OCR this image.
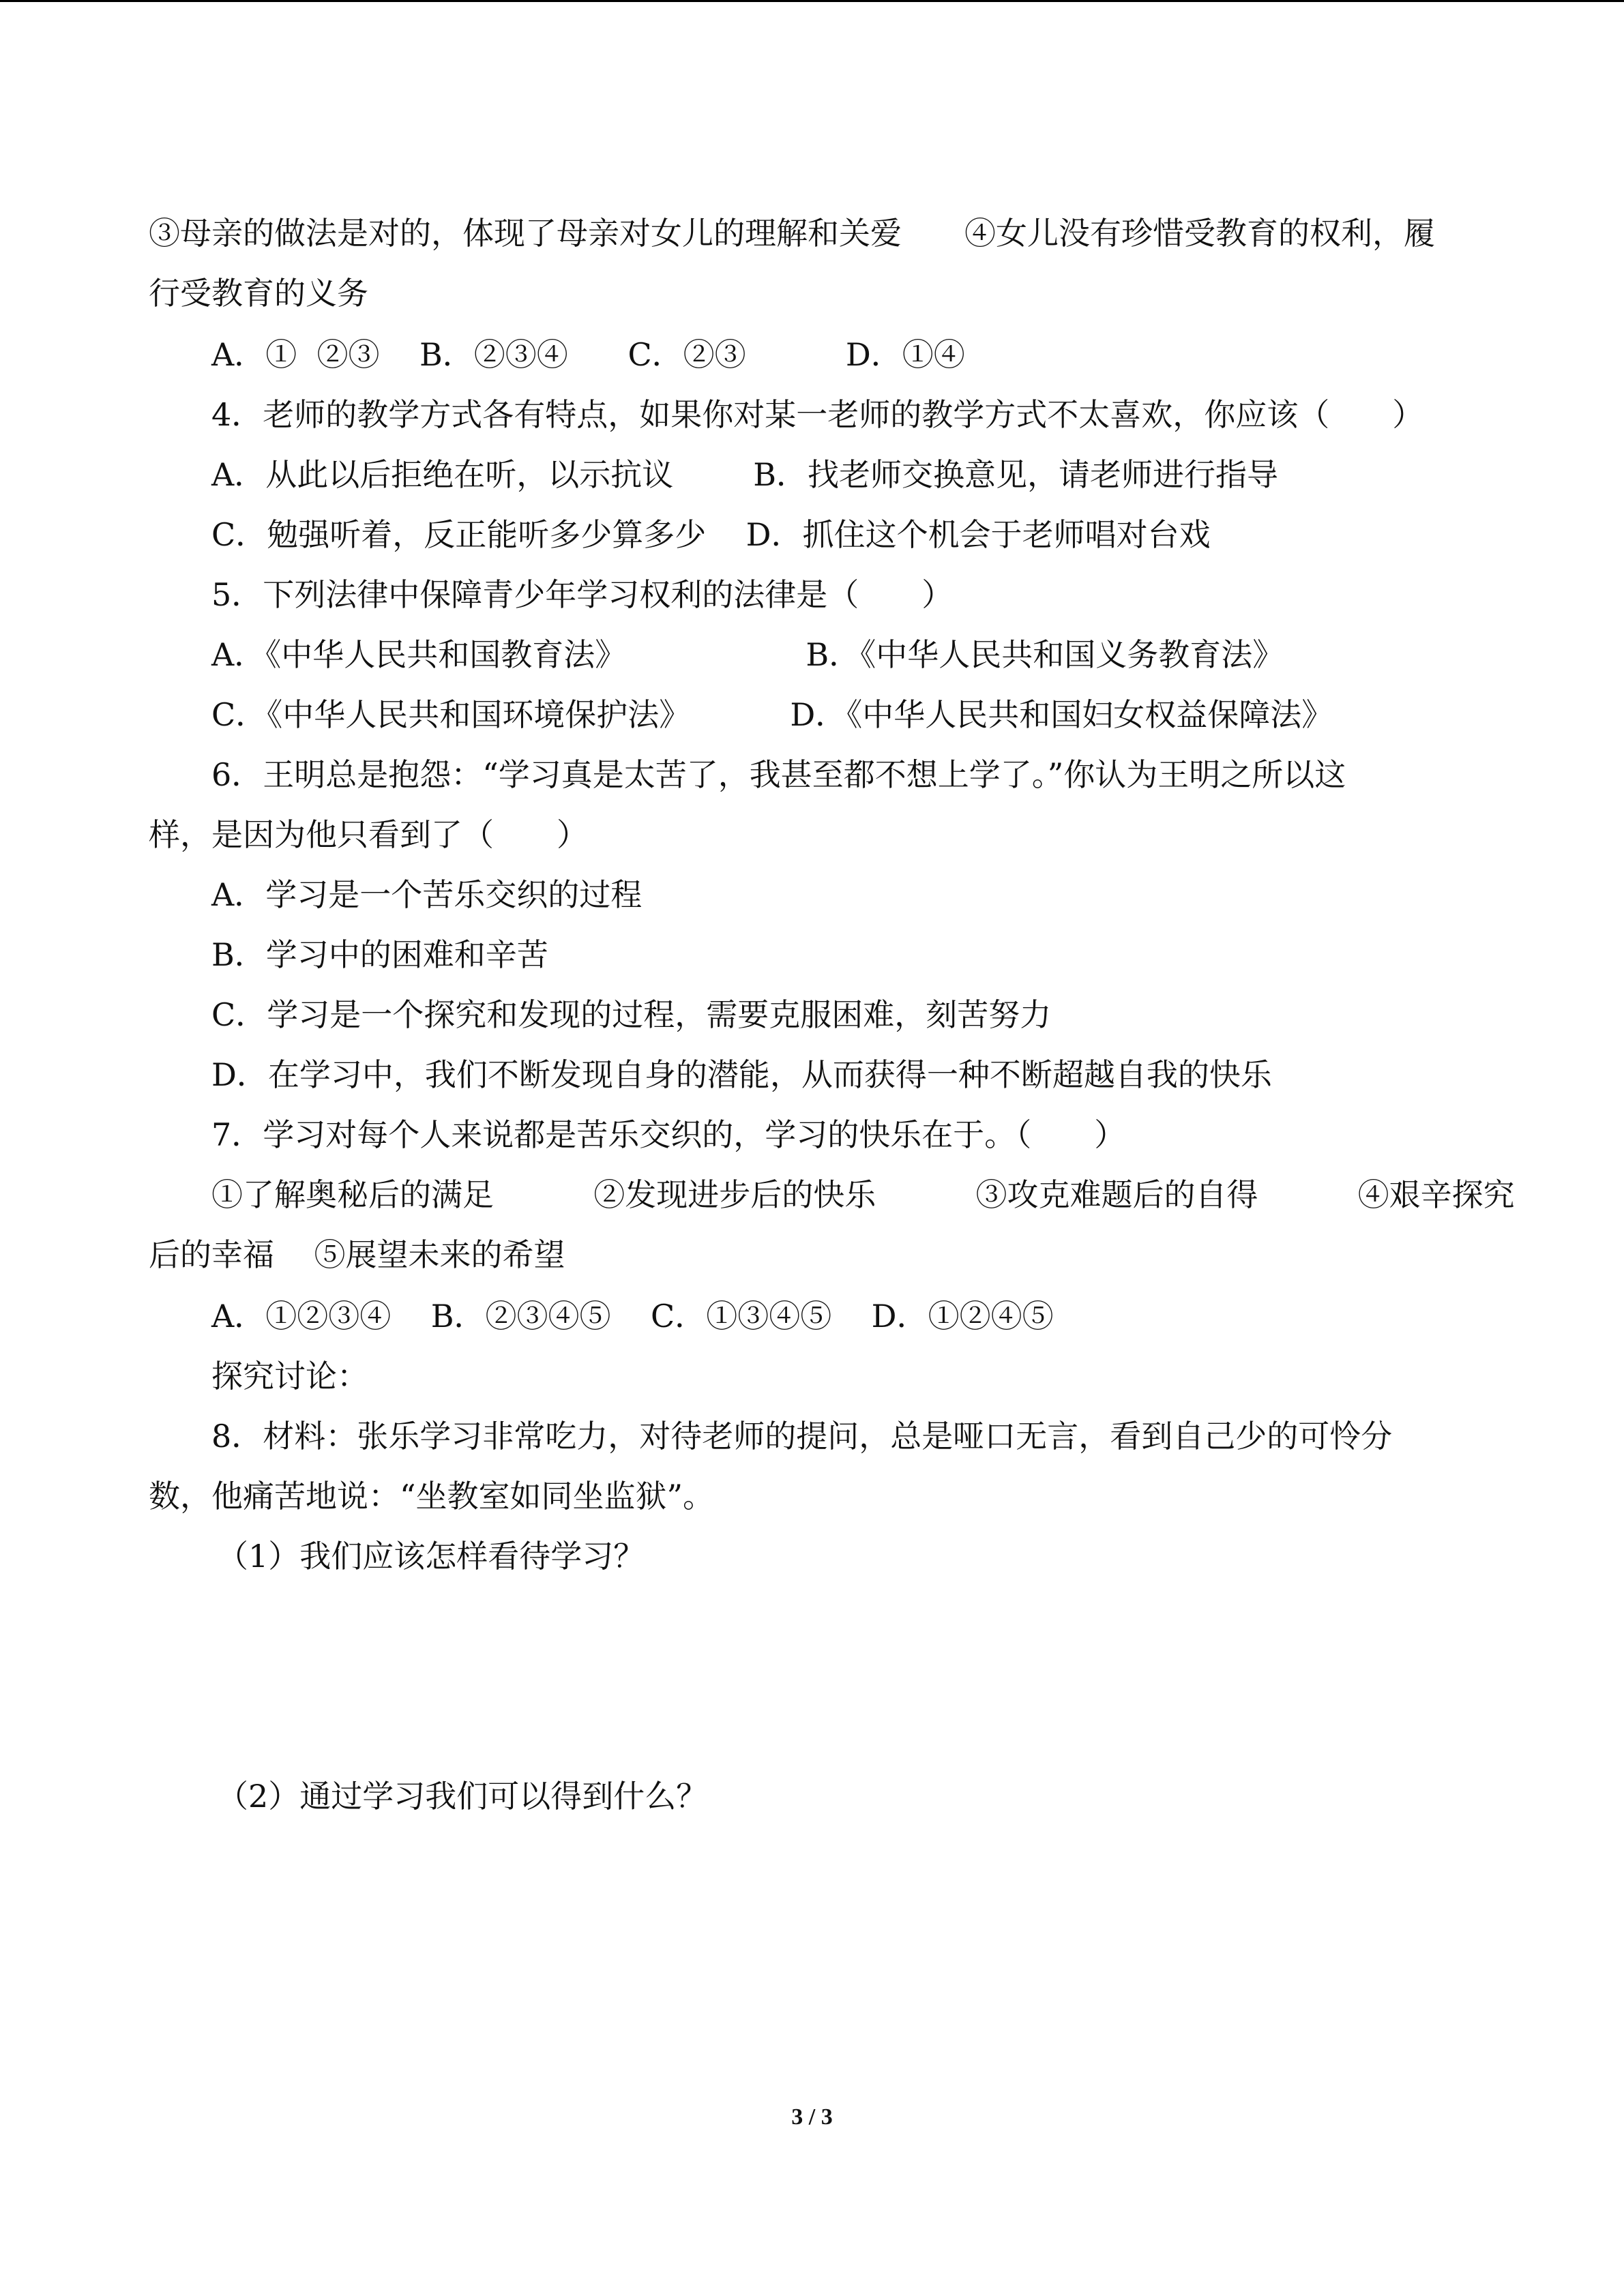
③母亲的做法是对的，体现了母亲对女儿的理解和关爱　　④女儿没有珍惜受教育的权利，履
行受教育的义务
A．①  ②③    B．②③④      C．②③          D．①④
4．老师的教学方式各有特点，如果你对某一老师的教学方式不太喜欢，你应该（　　）
A．从此以后拒绝在听，以示抗议        B．找老师交换意见，请老师进行指导
C．勉强听着，反正能听多少算多少    D．抓住这个机会于老师唱对台戏
5．下列法律中保障青少年学习权利的法律是（　　）
A．《中华人民共和国教育法》                  B．《中华人民共和国义务教育法》
C．《中华人民共和国环境保护法》          D．《中华人民共和国妇女权益保障法》
6．王明总是抱怨：“学习真是太苦了，我甚至都不想上学了。”你认为王明之所以这
样，是因为他只看到了（　　）
A．学习是一个苦乐交织的过程
B．学习中的困难和辛苦
C．学习是一个探究和发现的过程，需要克服困难，刻苦努力
D．在学习中，我们不断发现自身的潜能，从而获得一种不断超越自我的快乐
7．学习对每个人来说都是苦乐交织的，学习的快乐在于。（　　）
①了解奥秘后的满足          ②发现进步后的快乐          ③攻克难题后的自得          ④艰辛探究
后的幸福    ⑤展望未来的希望
A．①②③④    B．②③④⑤    C．①③④⑤    D．①②④⑤
探究讨论：
8．材料：张乐学习非常吃力，对待老师的提问，总是哑口无言，看到自己少的可怜分
数，他痛苦地说：“坐教室如同坐监狱”。
（1）我们应该怎样看待学习？
（2）通过学习我们可以得到什么？
3 / 3
